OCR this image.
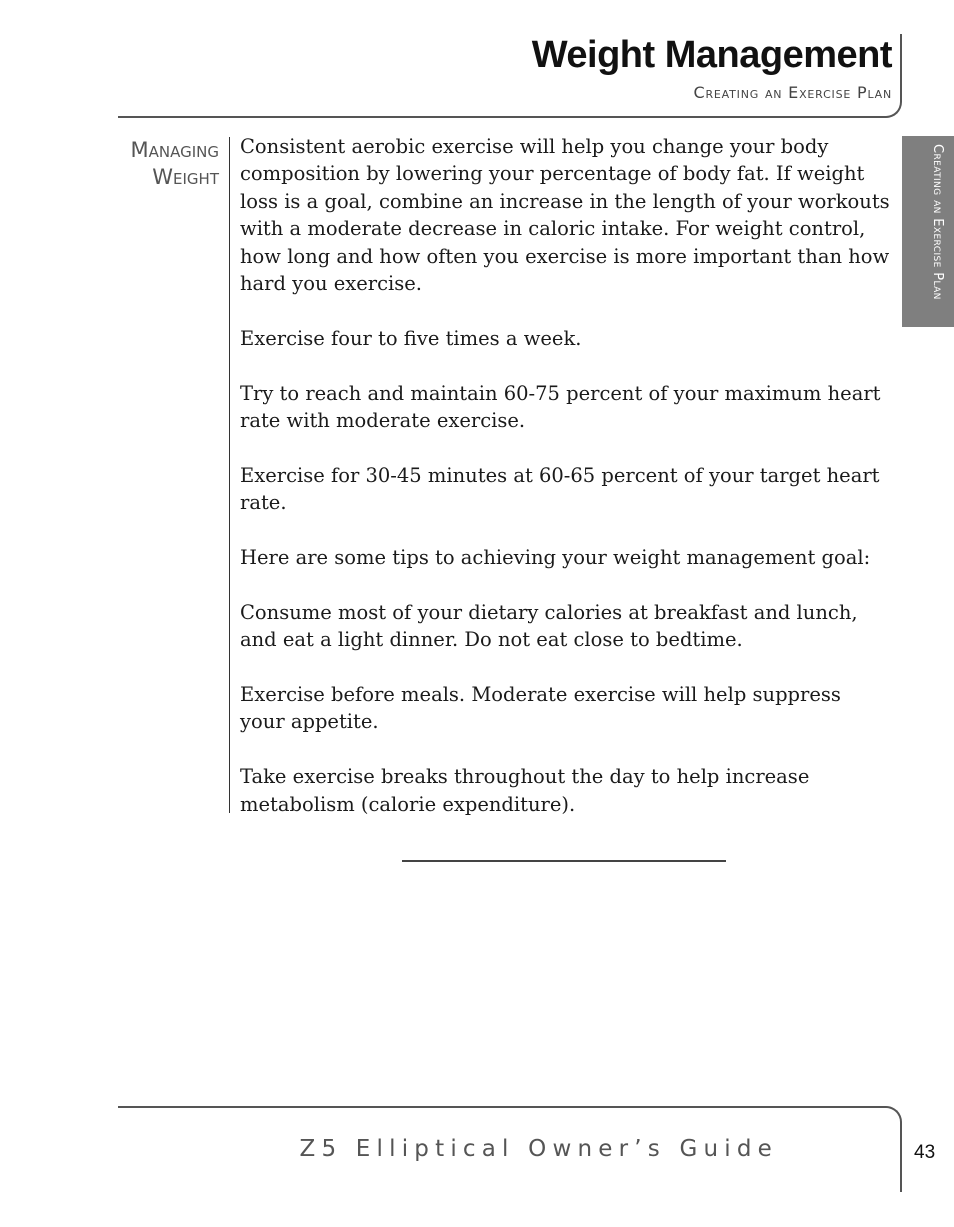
Weight Management
Creating an Exercise Plan
Creating an Exercise Plan
Managing
Weight

Consistent aerobic exercise will help you change your body composition by lowering your percentage of body fat. If weight loss is a goal, combine an increase in the length of your workouts with a moderate decrease in caloric intake. For weight control, how long and how often you exercise is more important than how hard you exercise.

Exercise four to five times a week.

Try to reach and maintain 60-75 percent of your maximum heart rate with moderate exercise.

Exercise for 30-45 minutes at 60-65 percent of your target heart rate.

Here are some tips to achieving your weight management goal:

Consume most of your dietary calories at breakfast and lunch, and eat a light dinner. Do not eat close to bedtime.

Exercise before meals. Moderate exercise will help suppress your appetite.

Take exercise breaks throughout the day to help increase metabolism (calorie expenditure).

Z5 Elliptical Owner’s Guide	43
